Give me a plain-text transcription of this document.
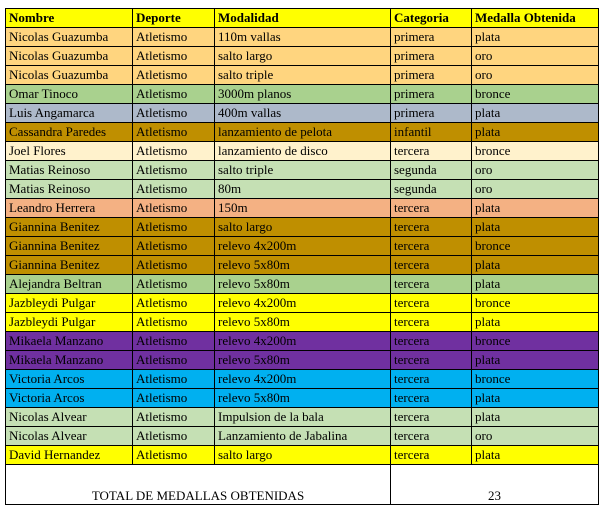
Nombre	Deporte	Modalidad	Categoria	Medalla Obtenida
Nicolas Guazumba	Atletismo	110m vallas	primera	plata
Nicolas Guazumba	Atletismo	salto largo	primera	oro
Nicolas Guazumba	Atletismo	salto triple	primera	oro
Omar Tinoco	Atletismo	3000m planos	primera	bronce
Luis Angamarca	Atletismo	400m vallas	primera	plata
Cassandra Paredes	Atletismo	lanzamiento de pelota	infantil	plata
Joel Flores	Atletismo	lanzamiento de disco	tercera	bronce
Matias Reinoso	Atletismo	salto triple	segunda	oro
Matias Reinoso	Atletismo	80m	segunda	oro
Leandro Herrera	Atletismo	150m	tercera	plata
Giannina Benitez	Atletismo	salto largo	tercera	plata
Giannina Benitez	Atletismo	relevo 4x200m	tercera	bronce
Giannina Benitez	Atletismo	relevo 5x80m	tercera	plata
Alejandra Beltran	Atletismo	relevo 5x80m	tercera	plata
Jazbleydi Pulgar	Atletismo	relevo 4x200m	tercera	bronce
Jazbleydi Pulgar	Atletismo	relevo 5x80m	tercera	plata
Mikaela Manzano	Atletismo	relevo 4x200m	tercera	bronce
Mikaela Manzano	Atletismo	relevo 5x80m	tercera	plata
Victoria Arcos	Atletismo	relevo 4x200m	tercera	bronce
Victoria Arcos	Atletismo	relevo 5x80m	tercera	plata
Nicolas Alvear	Atletismo	Impulsion de la bala	tercera	plata
Nicolas Alvear	Atletismo	Lanzamiento de Jabalina	tercera	oro
David Hernandez	Atletismo	salto largo	tercera	plata
TOTAL DE MEDALLAS OBTENIDAS			23	
